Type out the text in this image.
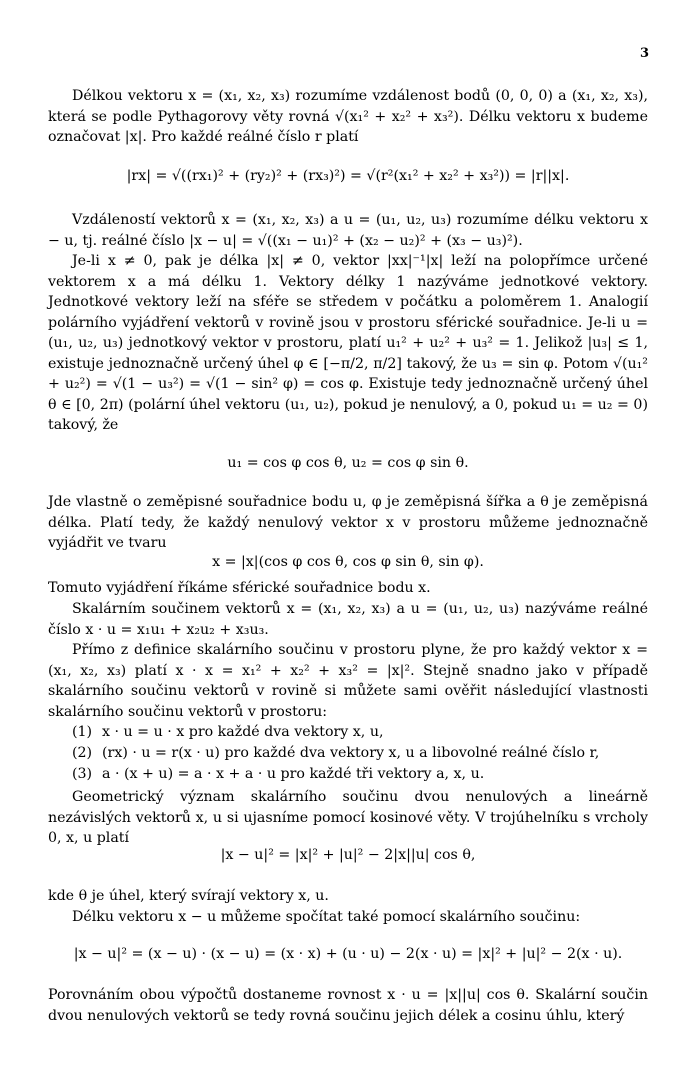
3

Délkou vektoru x = (x₁, x₂, x₃) rozumíme vzdálenost bodů (0, 0, 0) a (x₁, x₂, x₃), která se podle Pythagorovy věty rovná √(x₁² + x₂² + x₃²). Délku vektoru x budeme označovat |x|. Pro každé reálné číslo r platí

|rx| = √((rx₁)² + (ry₂)² + (rx₃)²) = √(r²(x₁² + x₂² + x₃²)) = |r||x|.

Vzdáleností vektorů x = (x₁, x₂, x₃) a u = (u₁, u₂, u₃) rozumíme délku vektoru x − u, tj. reálné číslo |x − u| = √((x₁ − u₁)² + (x₂ − u₂)² + (x₃ − u₃)²).

Je-li x ≠ 0, pak je délka |x| ≠ 0, vektor |xx|⁻¹|x| leží na polopřímce určené vektorem x a má délku 1. Vektory délky 1 nazýváme jednotkové vektory. Jednotkové vektory leží na sféře se středem v počátku a poloměrem 1. Analogií polárního vyjádření vektorů v rovině jsou v prostoru sférické souřadnice. Je-li u = (u₁, u₂, u₃) jednotkový vektor v prostoru, platí u₁² + u₂² + u₃² = 1. Jelikož |u₃| ≤ 1, existuje jednoznačně určený úhel φ ∈ [−π/2, π/2] takový, že u₃ = sin φ. Potom √(u₁² + u₂²) = √(1 − u₃²) = √(1 − sin² φ) = cos φ. Existuje tedy jednoznačně určený úhel θ ∈ [0, 2π) (polární úhel vektoru (u₁, u₂), pokud je nenulový, a 0, pokud u₁ = u₂ = 0) takový, že

u₁ = cos φ cos θ, u₂ = cos φ sin θ.

Jde vlastně o zeměpisné souřadnice bodu u, φ je zeměpisná šířka a θ je zeměpisná délka. Platí tedy, že každý nenulový vektor x v prostoru můžeme jednoznačně vyjádřit ve tvaru

x = |x|(cos φ cos θ, cos φ sin θ, sin φ).

Tomuto vyjádření říkáme sférické souřadnice bodu x.

Skalárním součinem vektorů x = (x₁, x₂, x₃) a u = (u₁, u₂, u₃) nazýváme reálné číslo x · u = x₁u₁ + x₂u₂ + x₃u₃.

Přímo z definice skalárního součinu v prostoru plyne, že pro každý vektor x = (x₁, x₂, x₃) platí x · x = x₁² + x₂² + x₃² = |x|². Stejně snadno jako v případě skalárního součinu vektorů v rovině si můžete sami ověřit následující vlastnosti skalárního součinu vektorů v prostoru:

(1) x · u = u · x pro každé dva vektory x, u,
(2) (rx) · u = r(x · u) pro každé dva vektory x, u a libovolné reálné číslo r,
(3) a · (x + u) = a · x + a · u pro každé tři vektory a, x, u.

Geometrický význam skalárního součinu dvou nenulových a lineárně nezávislých vektorů x, u si ujasníme pomocí kosinové věty. V trojúhelníku s vrcholy 0, x, u platí

|x − u|² = |x|² + |u|² − 2|x||u| cos θ,

kde θ je úhel, který svírají vektory x, u.

Délku vektoru x − u můžeme spočítat také pomocí skalárního součinu:

|x − u|² = (x − u) · (x − u) = (x · x) + (u · u) − 2(x · u) = |x|² + |u|² − 2(x · u).

Porovnáním obou výpočtů dostaneme rovnost x · u = |x||u| cos θ. Skalární součin dvou nenulových vektorů se tedy rovná součinu jejich délek a cosinu úhlu, který
